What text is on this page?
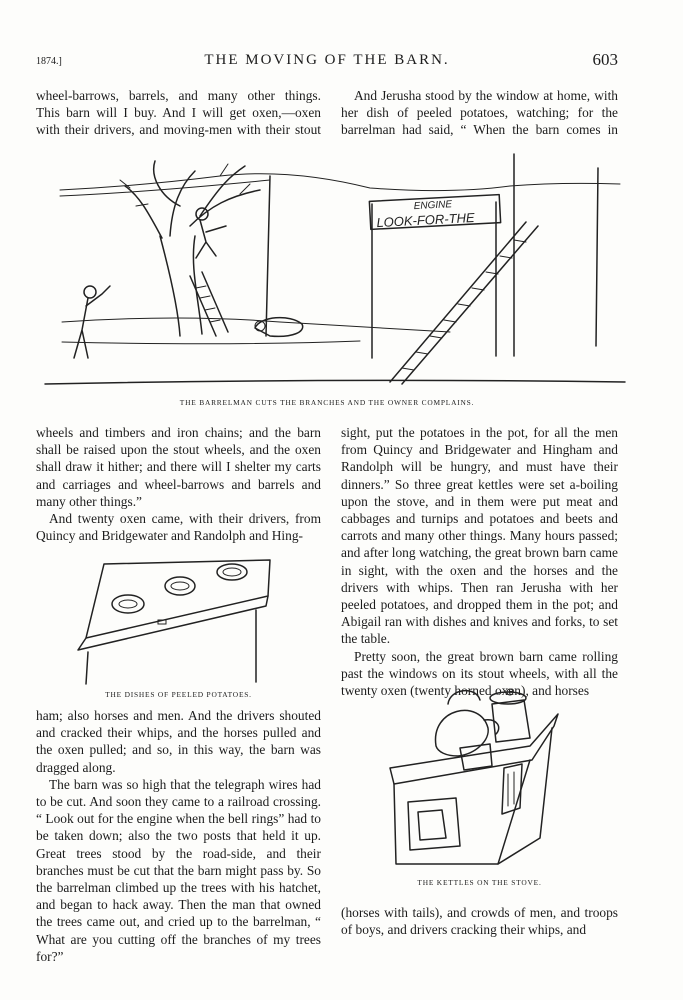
1874.]	THE MOVING OF THE BARN.	603
wheel-barrows, barrels, and many other things.
This barn will I buy. And I will get oxen,—oxen
with their drivers, and moving-men with their stout
And Jerusha stood by the window at home, with
her dish of peeled potatoes, watching; for the
barrelman had said, “ When the barn comes in
ENGINE
LOOK-FOR-THE
THE BARRELMAN CUTS THE BRANCHES AND THE OWNER COMPLAINS.

wheels and timbers and iron chains; and the barn shall be raised upon the stout wheels, and the oxen shall draw it hither; and there will I shelter my carts and carriages and wheel-barrows and barrels and many other things.”

And twenty oxen came, with their drivers, from Quincy and Bridgewater and Randolph and Hing-

THE DISHES OF PEELED POTATOES.

ham; also horses and men. And the drivers shouted and cracked their whips, and the horses pulled and the oxen pulled; and so, in this way, the barn was dragged along.

The barn was so high that the telegraph wires had to be cut. And soon they came to a railroad crossing. “ Look out for the engine when the bell rings” had to be taken down; also the two posts that held it up. Great trees stood by the road-side, and their branches must be cut that the barn might pass by. So the barrelman climbed up the trees with his hatchet, and began to hack away. Then the man that owned the trees came out, and cried up to the barrelman, “ What are you cutting off the branches of my trees for?”

sight, put the potatoes in the pot, for all the men from Quincy and Bridgewater and Hingham and Randolph will be hungry, and must have their dinners.” So three great kettles were set a-boiling upon the stove, and in them were put meat and cabbages and turnips and potatoes and beets and carrots and many other things. Many hours passed; and after long watching, the great brown barn came in sight, with the oxen and the horses and the drivers with whips. Then ran Jerusha with her peeled potatoes, and dropped them in the pot; and Abigail ran with dishes and knives and forks, to set the table.

Pretty soon, the great brown barn came rolling past the windows on its stout wheels, with all the twenty oxen (twenty horned oxen), and horses

THE KETTLES ON THE STOVE.

(horses with tails), and crowds of men, and troops of boys, and drivers cracking their whips, and
